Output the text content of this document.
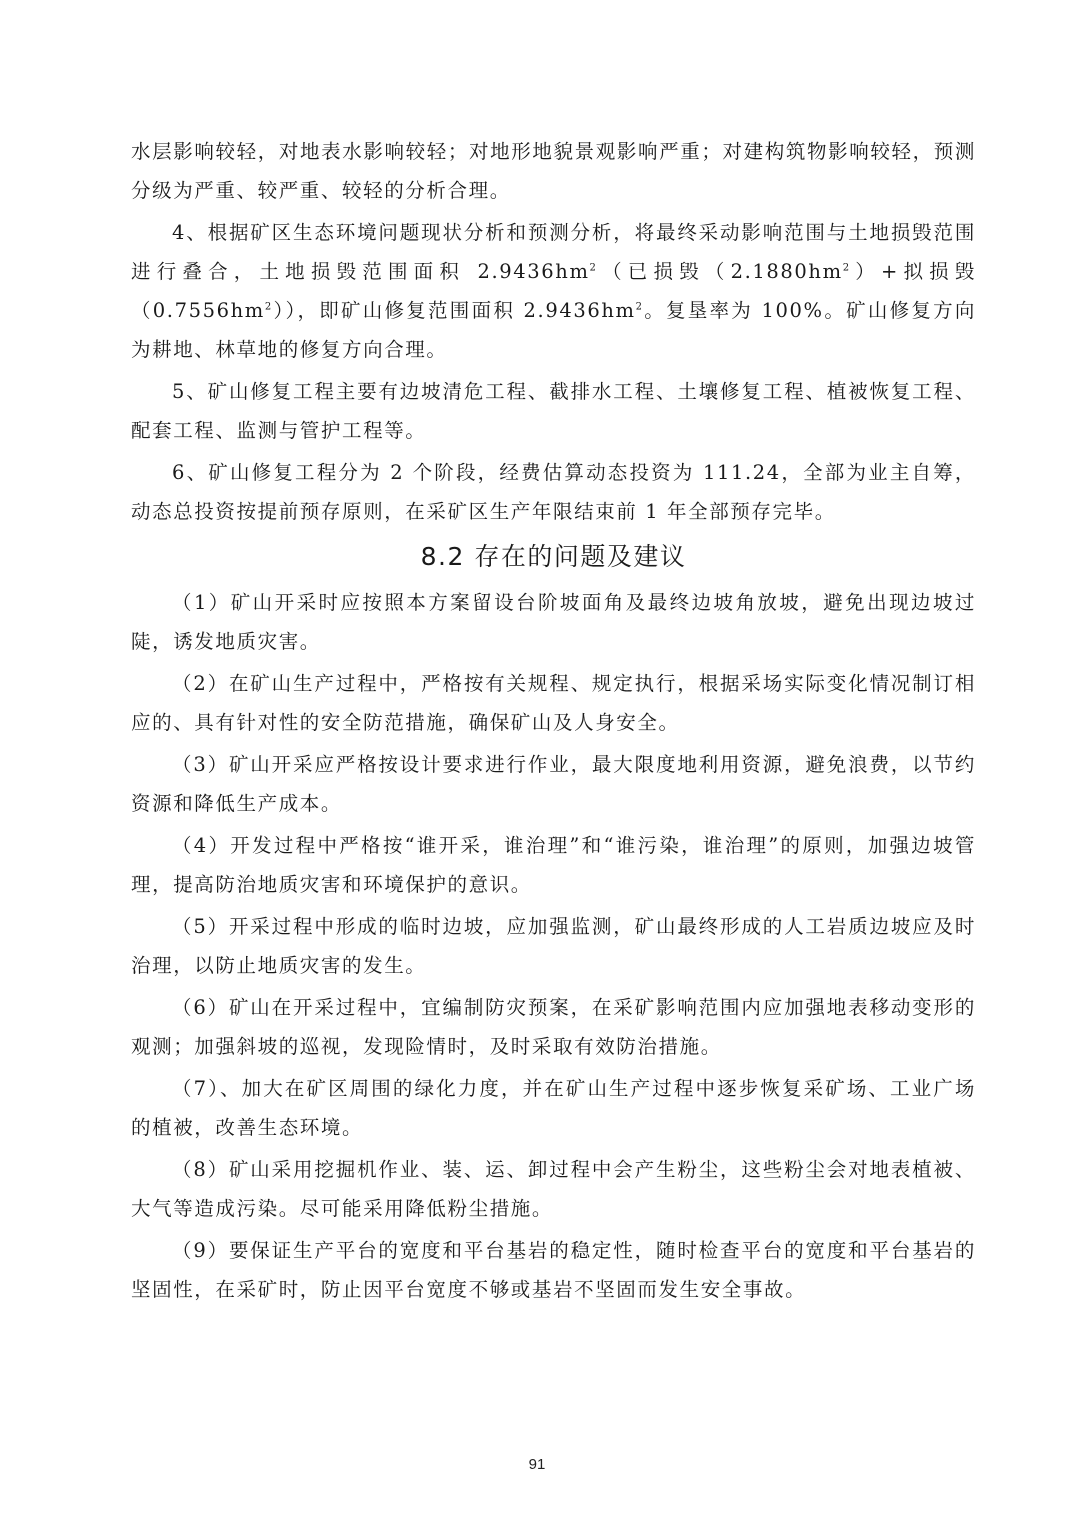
水层影响较轻，对地表水影响较轻；对地形地貌景观影响严重；对建构筑物影响较轻，预测分级为严重、较严重、较轻的分析合理。

4、根据矿区生态环境问题现状分析和预测分析，将最终采动影响范围与土地损毁范围进行叠合，土地损毁范围面积 $2.9436hm^2$（已损毁$(2.1880hm^2)+$拟损毁$(0.7556hm^2)$），即矿山修复范围面积 $2.9436hm^2$。复垦率为 100%。矿山修复方向为耕地、林草地的修复方向合理。

5、矿山修复工程主要有边坡清危工程、截排水工程、土壤修复工程、植被恢复工程、配套工程、监测与管护工程等。

6、矿山修复工程分为 2 个阶段，经费估算动态投资为 111.24，全部为业主自筹，动态总投资按提前预存原则，在采矿区生产年限结束前 1 年全部预存完毕。

8.2 存在的问题及建议

（1）矿山开采时应按照本方案留设台阶坡面角及最终边坡角放坡，避免出现边坡过陡，诱发地质灾害。

（2）在矿山生产过程中，严格按有关规程、规定执行，根据采场实际变化情况制订相应的、具有针对性的安全防范措施，确保矿山及人身安全。

（3）矿山开采应严格按设计要求进行作业，最大限度地利用资源，避免浪费，以节约资源和降低生产成本。

（4）开发过程中严格按“谁开采，谁治理”和“谁污染，谁治理”的原则，加强边坡管理，提高防治地质灾害和环境保护的意识。

（5）开采过程中形成的临时边坡，应加强监测，矿山最终形成的人工岩质边坡应及时治理，以防止地质灾害的发生。

（6）矿山在开采过程中，宜编制防灾预案，在采矿影响范围内应加强地表移动变形的观测；加强斜坡的巡视，发现险情时，及时采取有效防治措施。

（7）、加大在矿区周围的绿化力度，并在矿山生产过程中逐步恢复采矿场、工业广场的植被，改善生态环境。

（8）矿山采用挖掘机作业、装、运、卸过程中会产生粉尘，这些粉尘会对地表植被、大气等造成污染。尽可能采用降低粉尘措施。

（9）要保证生产平台的宽度和平台基岩的稳定性，随时检查平台的宽度和平台基岩的坚固性，在采矿时，防止因平台宽度不够或基岩不坚固而发生安全事故。

91
